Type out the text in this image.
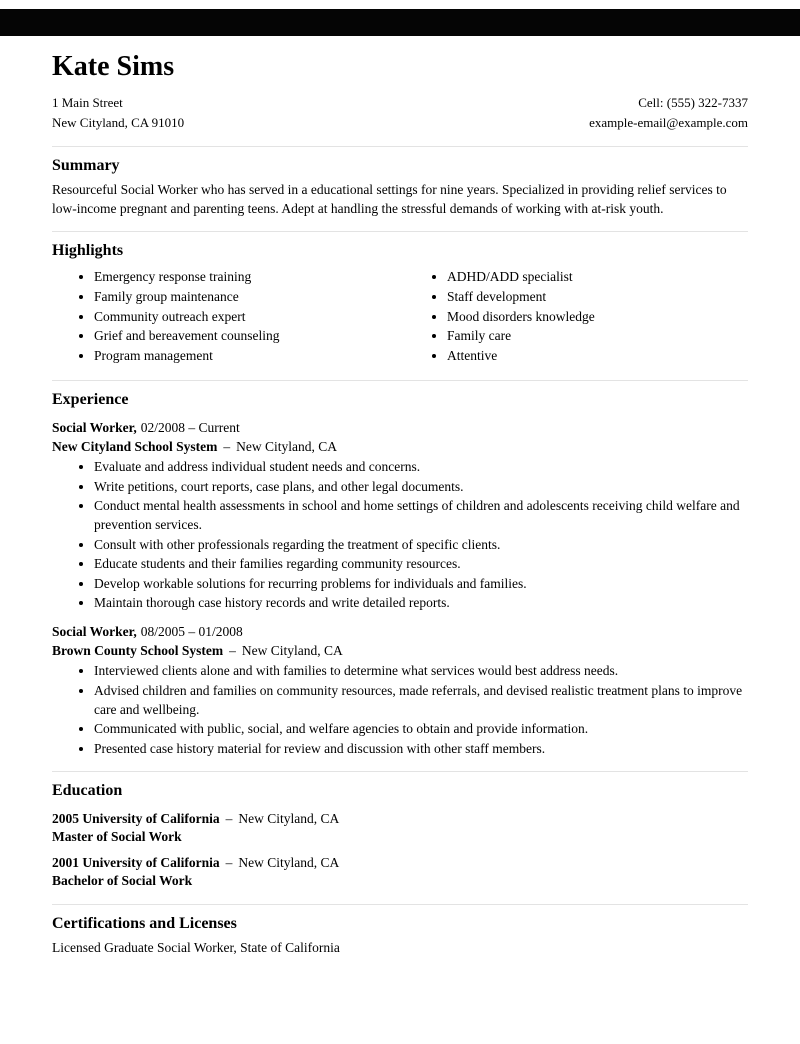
Kate Sims
1 Main Street
New Cityland, CA 91010
Cell: (555) 322-7337
example-email@example.com
Summary

Resourceful Social Worker who has served in a educational settings for nine years. Specialized in providing relief services to low-income pregnant and parenting teens. Adept at handling the stressful demands of working with at-risk youth.

Highlights
• Emergency response training
• Family group maintenance
• Community outreach expert
• Grief and bereavement counseling
• Program management
• ADHD/ADD specialist
• Staff development
• Mood disorders knowledge
• Family care
• Attentive
Experience
Social Worker, 02/2008 – Current
New Cityland School System – New Cityland, CA
• Evaluate and address individual student needs and concerns.
• Write petitions, court reports, case plans, and other legal documents.
• Conduct mental health assessments in school and home settings of children and adolescents receiving child welfare and prevention services.
• Consult with other professionals regarding the treatment of specific clients.
• Educate students and their families regarding community resources.
• Develop workable solutions for recurring problems for individuals and families.
• Maintain thorough case history records and write detailed reports.
Social Worker, 08/2005 – 01/2008
Brown County School System – New Cityland, CA
• Interviewed clients alone and with families to determine what services would best address needs.
• Advised children and families on community resources, made referrals, and devised realistic treatment plans to improve care and wellbeing.
• Communicated with public, social, and welfare agencies to obtain and provide information.
• Presented case history material for review and discussion with other staff members.
Education
2005 University of California – New Cityland, CA
Master of Social Work
2001 University of California – New Cityland, CA
Bachelor of Social Work
Certifications and Licenses

Licensed Graduate Social Worker, State of California
